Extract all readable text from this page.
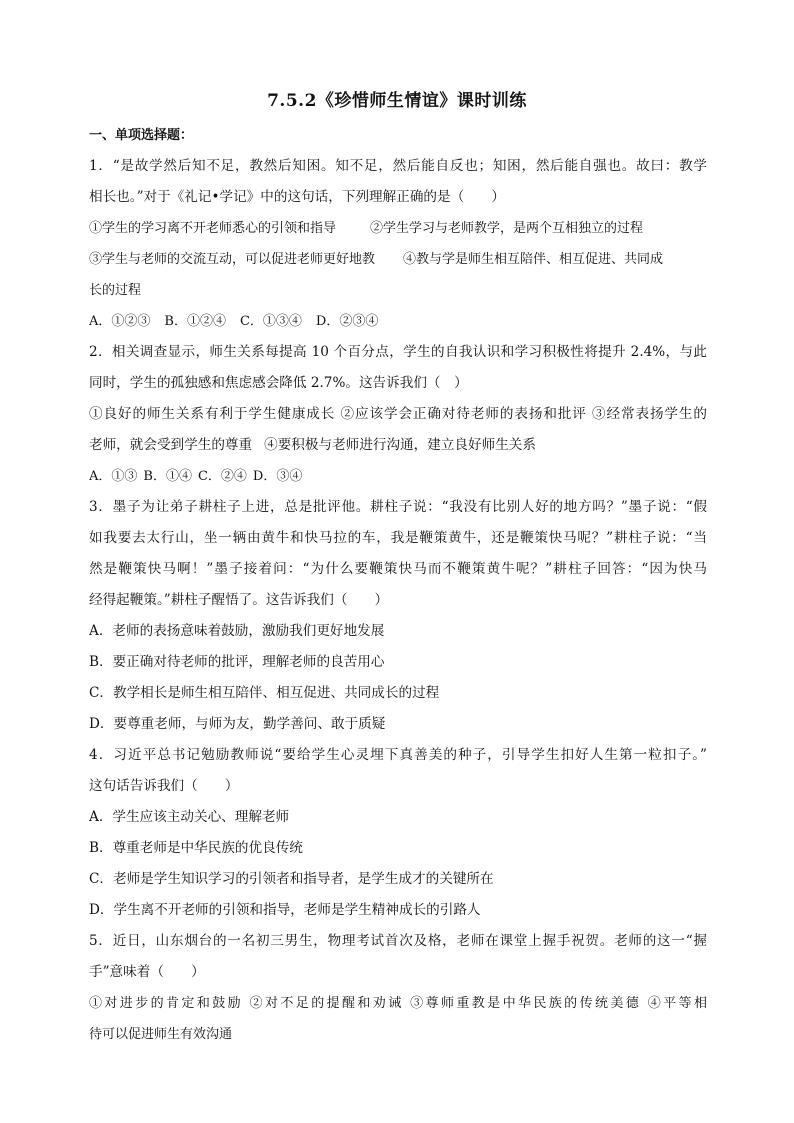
7.5.2《珍惜师生情谊》课时训练
一、单项选择题：
1．“是故学然后知不足，教然后知困。知不足，然后能自反也；知困，然后能自强也。故曰：教学
相长也。”对于《礼记•学记》中的这句话，下列理解正确的是（　　）
①学生的学习离不开老师悉心的引领和指导	②学生学习与老师教学，是两个互相独立的过程
③学生与老师的交流互动，可以促进老师更好地教 ④教与学是师生相互陪伴、相互促进、共同成
长的过程
A．①②③ B．①②④ C．①③④ D．②③④
2．相关调查显示，师生关系每提高 10 个百分点，学生的自我认识和学习积极性将提升 2.4%，与此
同时，学生的孤独感和焦虑感会降低 2.7%。这告诉我们（　）
①良好的师生关系有利于学生健康成长 ②应该学会正确对待老师的表扬和批评 ③经常表扬学生的
老师，就会受到学生的尊重 ④要积极与老师进行沟通，建立良好师生关系
A．①③ B．①④ C．②④ D．③④
3．墨子为让弟子耕柱子上进，总是批评他。耕柱子说：“我没有比别人好的地方吗？”墨子说：“假
如我要去太行山，坐一辆由黄牛和快马拉的车，我是鞭策黄牛，还是鞭策快马呢？”耕柱子说：“当
然是鞭策快马啊！”墨子接着问：“为什么要鞭策快马而不鞭策黄牛呢？”耕柱子回答：“因为快马
经得起鞭策。”耕柱子醒悟了。这告诉我们（　　）
A．老师的表扬意味着鼓励，激励我们更好地发展
B．要正确对待老师的批评，理解老师的良苦用心
C．教学相长是师生相互陪伴、相互促进、共同成长的过程
D．要尊重老师，与师为友，勤学善问、敢于质疑
4．习近平总书记勉励教师说“要给学生心灵埋下真善美的种子，引导学生扣好人生第一粒扣子。”
这句话告诉我们（　　）
A．学生应该主动关心、理解老师
B．尊重老师是中华民族的优良传统
C．老师是学生知识学习的引领者和指导者，是学生成才的关键所在
D．学生离不开老师的引领和指导，老师是学生精神成长的引路人
5．近日，山东烟台的一名初三男生，物理考试首次及格，老师在课堂上握手祝贺。老师的这一“握
手”意味着（　　）
①对进步的肯定和鼓励 ②对不足的提醒和劝诫 ③尊师重教是中华民族的传统美德 ④平等相
待可以促进师生有效沟通
